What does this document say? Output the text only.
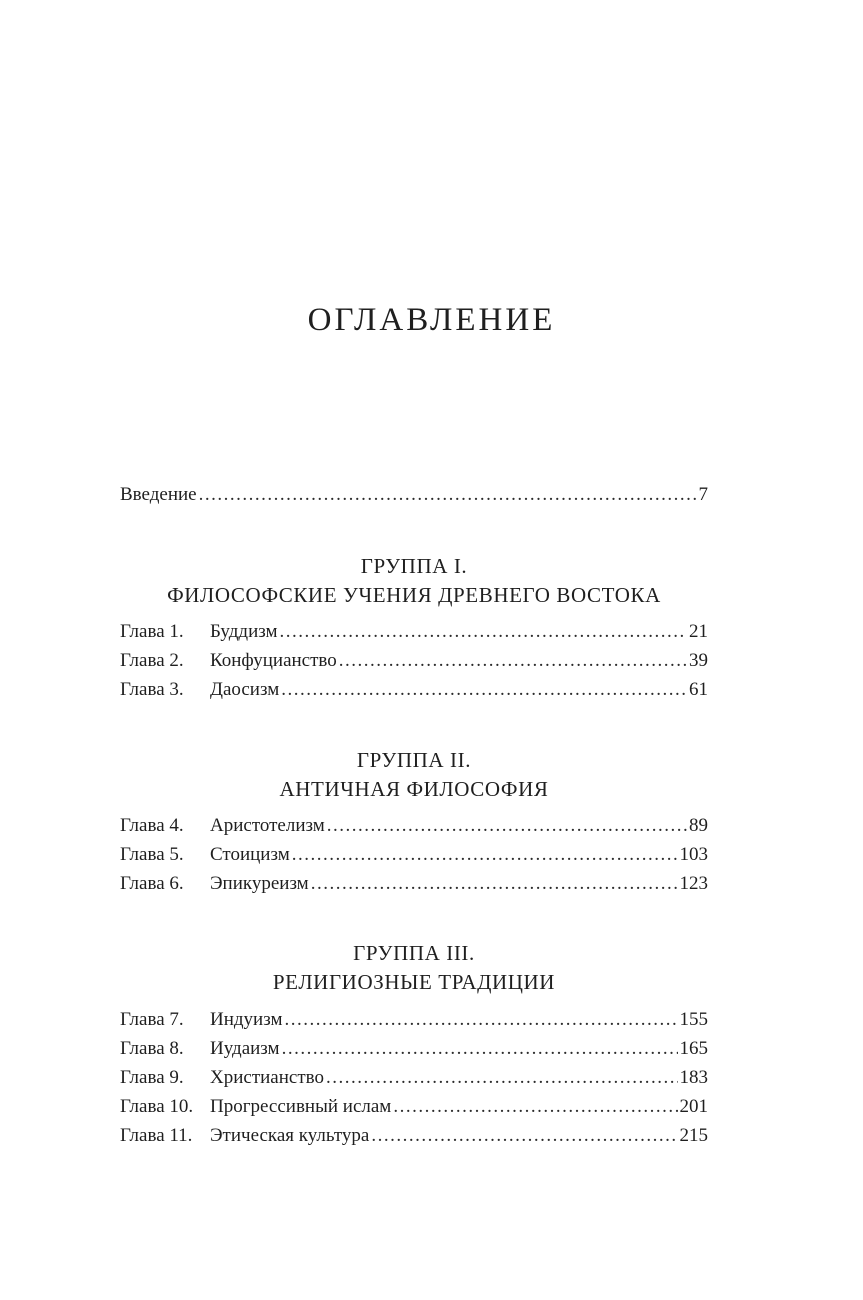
ОГЛАВЛЕНИЕ
Введение .....	7
ГРУППА I.
ФИЛОСОФСКИЕ УЧЕНИЯ ДРЕВНЕГО ВОСТОКА
Глава 1.	Буддизм .....	21
Глава 2.	Конфуцианство .....	39
Глава 3.	Даосизм .....	61
ГРУППА II.
АНТИЧНАЯ ФИЛОСОФИЯ
Глава 4.	Аристотелизм .....	89
Глава 5.	Стоицизм .....	103
Глава 6.	Эпикуреизм .....	123
ГРУППА III.
РЕЛИГИОЗНЫЕ ТРАДИЦИИ
Глава 7.	Индуизм .....	155
Глава 8.	Иудаизм .....	165
Глава 9.	Христианство .....	183
Глава 10. Прогрессивный ислам .....	201
Глава 11. Этическая культура .....	215
